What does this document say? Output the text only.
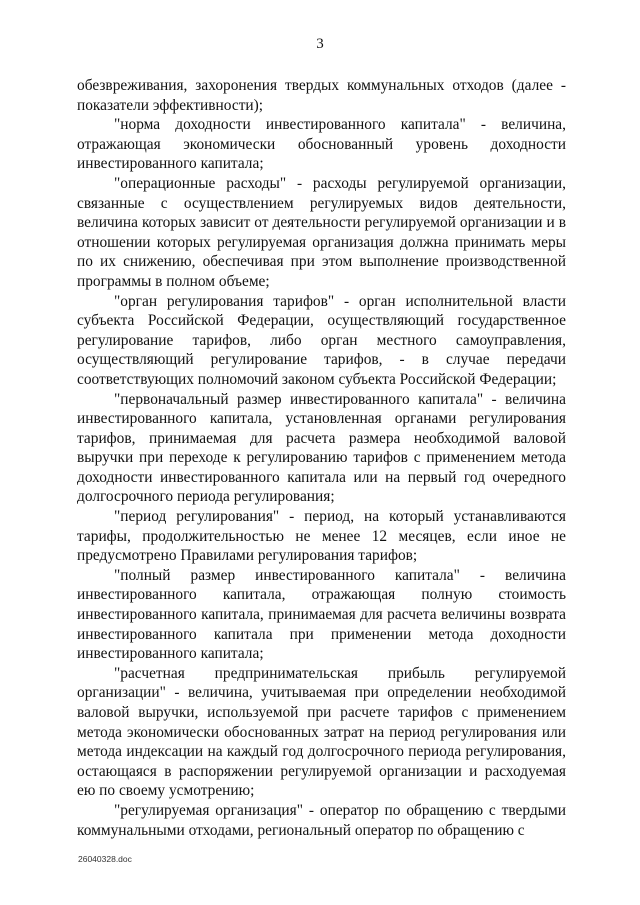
3

обезвреживания, захоронения твердых коммунальных отходов (далее - показатели эффективности);

"норма доходности инвестированного капитала" - величина, отражающая экономически обоснованный уровень доходности инвестированного капитала;

"операционные расходы" - расходы регулируемой организации, связанные с осуществлением регулируемых видов деятельности, величина которых зависит от деятельности регулируемой организации и в отношении которых регулируемая организация должна принимать меры по их снижению, обеспечивая при этом выполнение производственной программы в полном объеме;

"орган регулирования тарифов" - орган исполнительной власти субъекта Российской Федерации, осуществляющий государственное регулирование тарифов, либо орган местного самоуправления, осуществляющий регулирование тарифов, - в случае передачи соответствующих полномочий законом субъекта Российской Федерации;

"первоначальный размер инвестированного капитала" - величина инвестированного капитала, установленная органами регулирования тарифов, принимаемая для расчета размера необходимой валовой выручки при переходе к регулированию тарифов с применением метода доходности инвестированного капитала или на первый год очередного долгосрочного периода регулирования;

"период регулирования" - период, на который устанавливаются тарифы, продолжительностью не менее 12 месяцев, если иное не предусмотрено Правилами регулирования тарифов;

"полный размер инвестированного капитала" - величина инвестированного капитала, отражающая полную стоимость инвестированного капитала, принимаемая для расчета величины возврата инвестированного капитала при применении метода доходности инвестированного капитала;

"расчетная предпринимательская прибыль регулируемой организации" - величина, учитываемая при определении необходимой валовой выручки, используемой при расчете тарифов с применением метода экономически обоснованных затрат на период регулирования или метода индексации на каждый год долгосрочного периода регулирования, остающаяся в распоряжении регулируемой организации и расходуемая ею по своему усмотрению;

"регулируемая организация" - оператор по обращению с твердыми коммунальными отходами, региональный оператор по обращению с

26040328.doc
